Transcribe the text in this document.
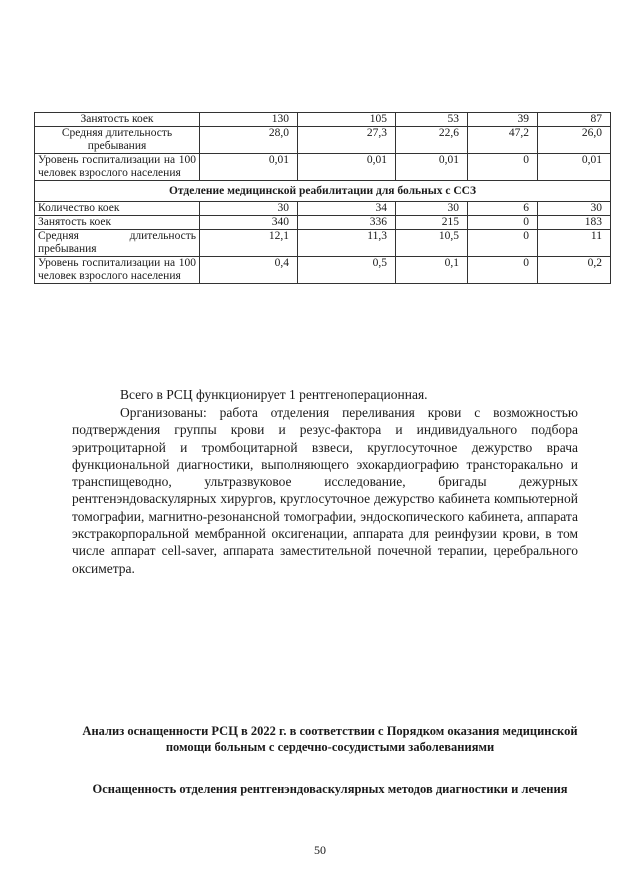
Занятость коек	130	105	53	39	87
Средняя длительность пребывания	28,0	27,3	22,6	47,2	26,0
Уровень госпитализации на 100 человек взрослого населения	0,01	0,01	0,01	0	0,01
Отделение медицинской реабилитации для больных с ССЗ					
Количество коек	30	34	30	6	30
Занятость коек	340	336	215	0	183
Средняя длительность пребывания	12,1	11,3	10,5	0	11
Уровень госпитализации на 100 человек взрослого населения	0,4	0,5	0,1	0	0,2

Всего в РСЦ функционирует 1 рентгеноперационная.

Организованы: работа отделения переливания крови с возможностью подтверждения группы крови и резус-фактора и индивидуального подбора эритроцитарной и тромбоцитарной взвеси, круглосуточное дежурство врача функциональной диагностики, выполняющего эхокардиографию трансторакально и транспищеводно, ультразвуковое исследование, бригады дежурных рентгенэндоваскулярных хирургов, круглосуточное дежурство кабинета компьютерной томографии, магнитно-резонансной томографии, эндоскопического кабинета, аппарата экстракорпоральной мембранной оксигенации, аппарата для реинфузии крови, в том числе аппарат cell-saver, аппарата заместительной почечной терапии, церебрального оксиметра.

Анализ оснащенности РСЦ в 2022 г. в соответствии с Порядком оказания медицинской помощи больным с сердечно-сосудистыми заболеваниями
Оснащенность отделения рентгенэндоваскулярных методов диагностики и лечения
50
